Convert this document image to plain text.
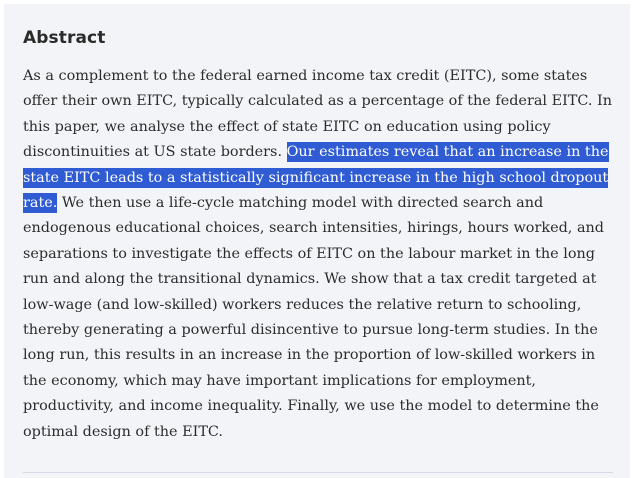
Abstract

As a complement to the federal earned income tax credit (EITC), some states offer their own EITC, typically calculated as a percentage of the federal EITC. In this paper, we analyse the effect of state EITC on education using policy discontinuities at US state borders. Our estimates reveal that an increase in the state EITC leads to a statistically significant increase in the high school dropout rate. We then use a life-cycle matching model with directed search and endogenous educational choices, search intensities, hirings, hours worked, and separations to investigate the effects of EITC on the labour market in the long run and along the transitional dynamics. We show that a tax credit targeted at low-wage (and low-skilled) workers reduces the relative return to schooling, thereby generating a powerful disincentive to pursue long-term studies. In the long run, this results in an increase in the proportion of low-skilled workers in the economy, which may have important implications for employment, productivity, and income inequality. Finally, we use the model to determine the optimal design of the EITC.
